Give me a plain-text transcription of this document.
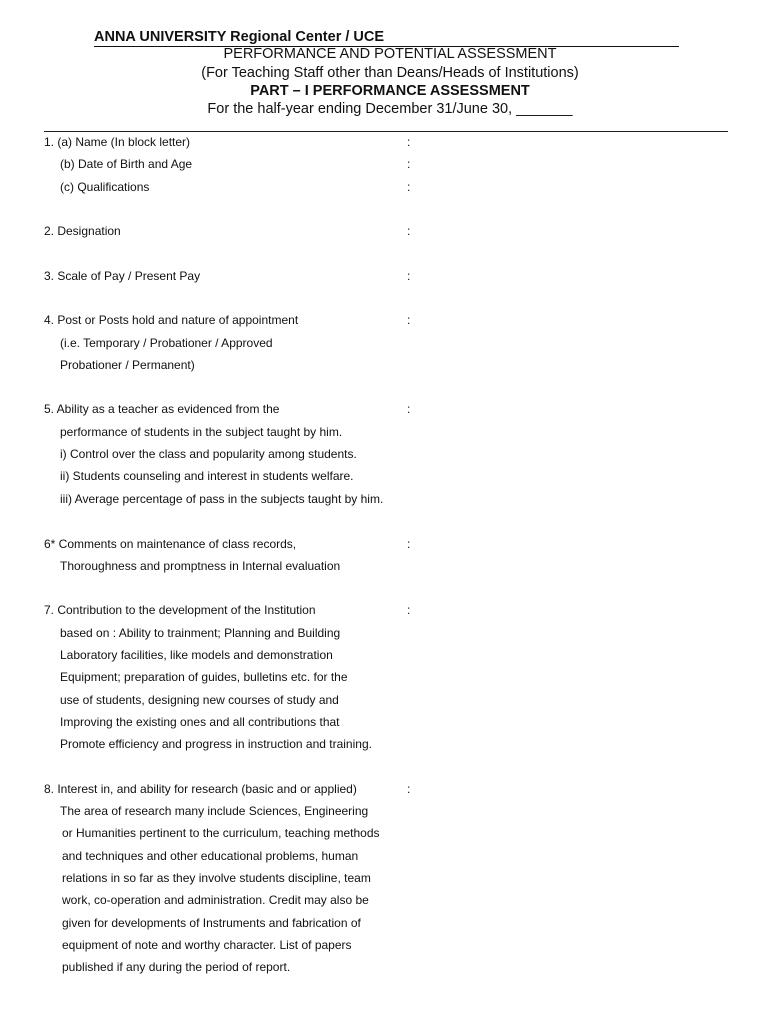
ANNA UNIVERSITY Regional Center / UCE
PERFORMANCE AND POTENTIAL ASSESSMENT
(For Teaching Staff other than Deans/Heads of Institutions)
PART – I PERFORMANCE ASSESSMENT
For the half-year ending December 31/June 30, _______
1. (a) Name (In block letter)	:
(b) Date of Birth and Age	:
(c) Qualifications	:
2. Designation	:
3. Scale of Pay / Present Pay	:
4. Post or Posts hold and nature of appointment	:
(i.e. Temporary / Probationer / Approved
Probationer / Permanent)
5. Ability as a teacher as evidenced from the	:
performance of students in the subject taught by him.
i) Control over the class and popularity among students.
ii) Students counseling and interest in students welfare.
iii) Average percentage of pass in the subjects taught by him.
6* Comments on maintenance of class records,	:
Thoroughness and promptness in Internal evaluation
7. Contribution to the development of the Institution	:
based on : Ability to trainment; Planning and Building
Laboratory facilities, like models and demonstration
Equipment; preparation of guides, bulletins etc. for the
use of students, designing new courses of study and
Improving the existing ones and all contributions that
Promote efficiency and progress in instruction and training.
8. Interest in, and ability for research (basic and or applied)	:
The area of research many include Sciences, Engineering
or Humanities pertinent to the curriculum, teaching methods
and techniques and other educational problems, human
relations in so far as they involve students discipline, team
work, co-operation and administration. Credit may also be
given for developments of Instruments and fabrication of
equipment of note and worthy character. List of papers
published if any during the period of report.
